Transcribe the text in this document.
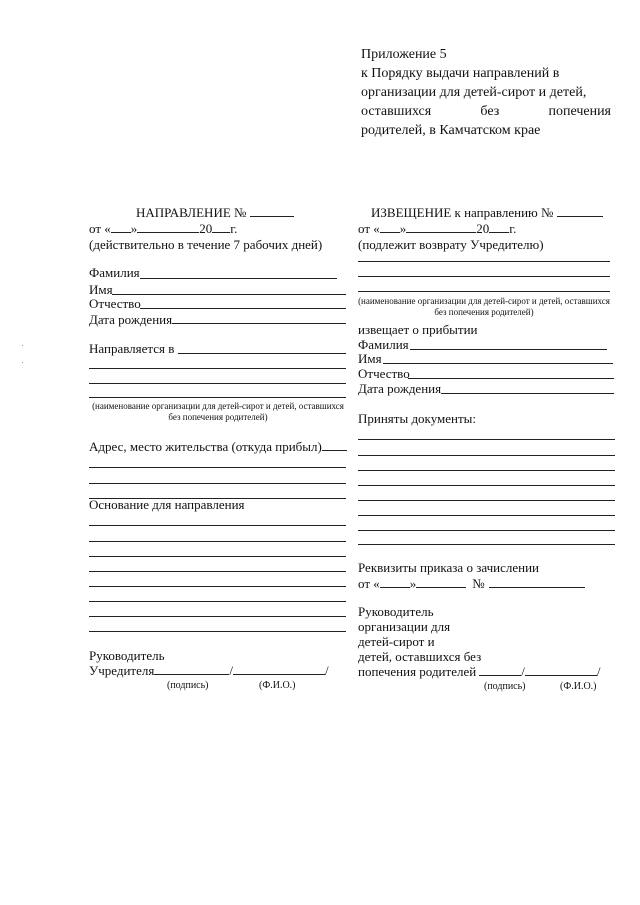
Приложение 5
к Порядку выдачи направлений в
организации для детей-сирот и детей,
оставшихся	без	попечения
родителей, в Камчатском крае
НАПРАВЛЕНИЕ №
от « »	20 г.
(действительно в течение 7 рабочих дней)
Фамилия
Имя
Отчество
Дата рождения
Направляется в
(наименование организации для детей-сирот и детей, оставшихся без попечения родителей)
Адрес, место жительства (откуда прибыл)
Основание для направления
Руководитель
Учредителя	/	/
(подпись)	(Ф.И.О.)
ИЗВЕЩЕНИЕ к направлению №
от « »	20 г.
(подлежит возврату Учредителю)
(наименование организации для детей-сирот и детей, оставшихся без попечения родителей)
извещает о прибытии
Фамилия
Имя
Отчество
Дата рождения
Приняты документы:
Реквизиты приказа о зачислении
от « »	№
Руководитель
организации для
детей-сирот и
детей, оставшихся без
попечения родителей	/	/
(подпись)	(Ф.И.О.)
